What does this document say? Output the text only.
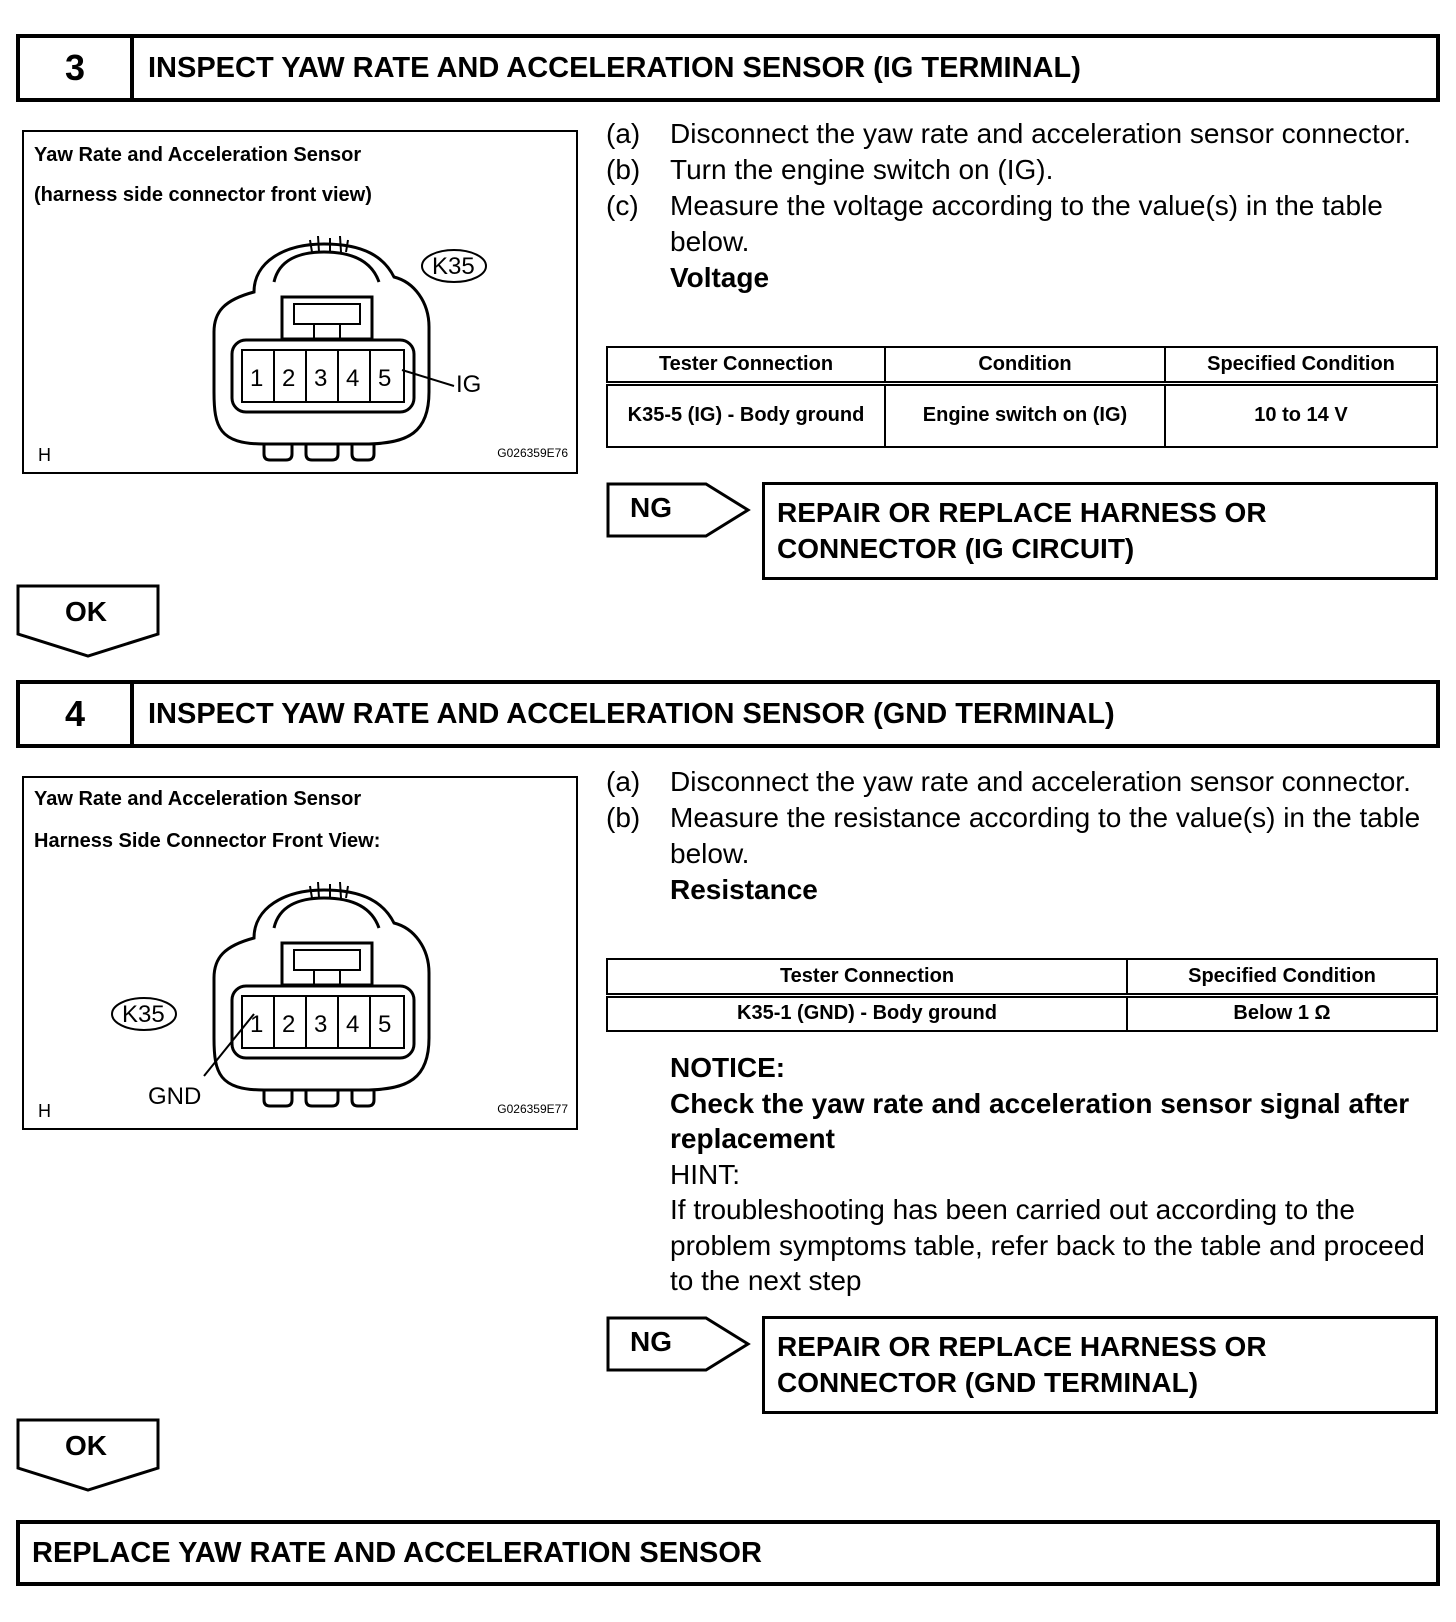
3	INSPECT YAW RATE AND ACCELERATION SENSOR (IG TERMINAL)
Yaw Rate and Acceleration Sensor
(harness side connector front view)
1 2 3 4 5
K35
IG
H	G026359E76
(a)	Disconnect the yaw rate and acceleration sensor connector.
(b)	Turn the engine switch on (IG).
(c)	Measure the voltage according to the value(s) in the table below.
Voltage
Tester Connection	Condition	Specified Condition
K35-5 (IG) - Body ground	Engine switch on (IG)	10 to 14 V
NG	REPAIR OR REPLACE HARNESS OR
CONNECTOR (IG CIRCUIT)
OK
4	INSPECT YAW RATE AND ACCELERATION SENSOR (GND TERMINAL)
Yaw Rate and Acceleration Sensor
Harness Side Connector Front View:
1 2 3 4 5
K35
GND
H	G026359E77
(a)	Disconnect the yaw rate and acceleration sensor connector.
(b)	Measure the resistance according to the value(s) in the table below.
Resistance
Tester Connection	Specified Condition
K35-1 (GND) - Body ground	Below 1 Ω
NOTICE:
Check the yaw rate and acceleration sensor signal after replacement
HINT:
If troubleshooting has been carried out according to the problem symptoms table, refer back to the table and proceed to the next step
NG	REPAIR OR REPLACE HARNESS OR
CONNECTOR (GND TERMINAL)
OK
REPLACE YAW RATE AND ACCELERATION SENSOR
